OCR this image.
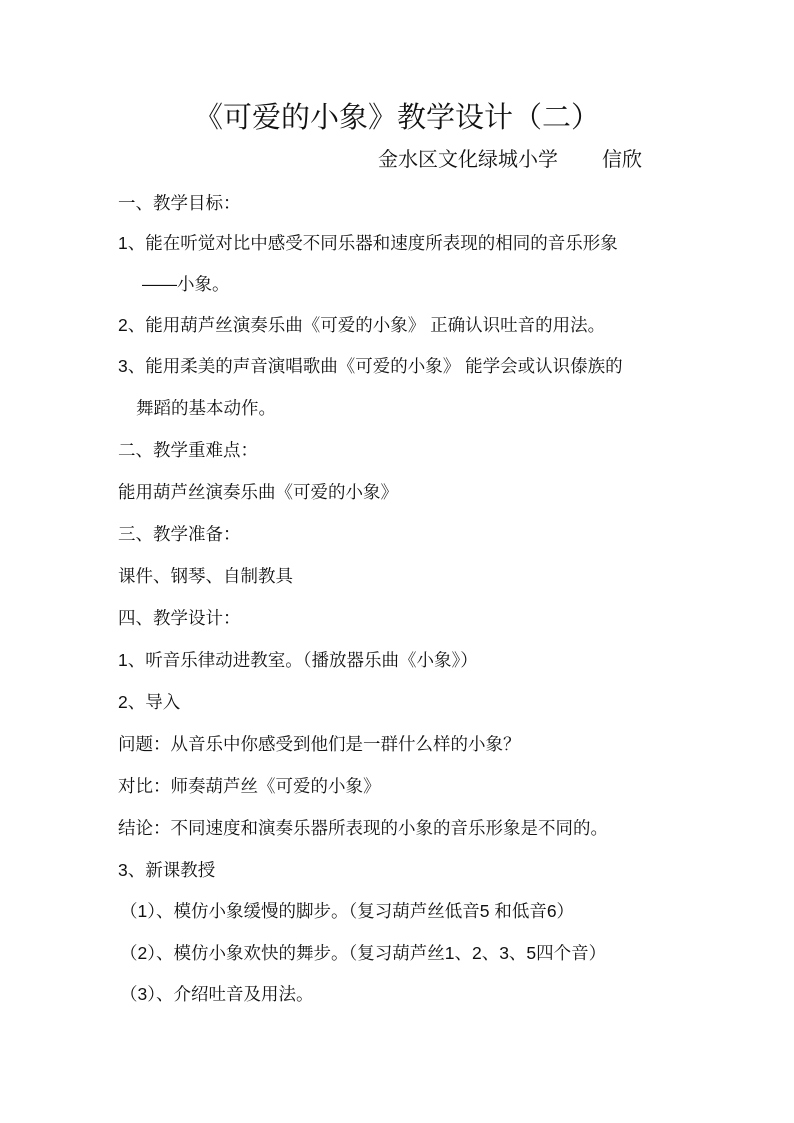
《可爱的小象》教学设计（二）
金水区文化绿城小学 信欣
一、教学目标：
1、能在听觉对比中感受不同乐器和速度所表现的相同的音乐形象
——小象。
2、能用葫芦丝演奏乐曲《可爱的小象》 正确认识吐音的用法。
3、能用柔美的声音演唱歌曲《可爱的小象》 能学会或认识傣族的
舞蹈的基本动作。
二、教学重难点：
能用葫芦丝演奏乐曲《可爱的小象》
三、教学准备：
课件、钢琴、自制教具
四、教学设计：
1、听音乐律动进教室。（播放器乐曲《小象》）
2、导入
问题：从音乐中你感受到他们是一群什么样的小象？
对比：师奏葫芦丝《可爱的小象》
结论：不同速度和演奏乐器所表现的小象的音乐形象是不同的。
3、新课教授
（1）、模仿小象缓慢的脚步。（复习葫芦丝低音5 和低音6）
（2）、模仿小象欢快的舞步。（复习葫芦丝1、2、3、5四个音）
（3）、介绍吐音及用法。
